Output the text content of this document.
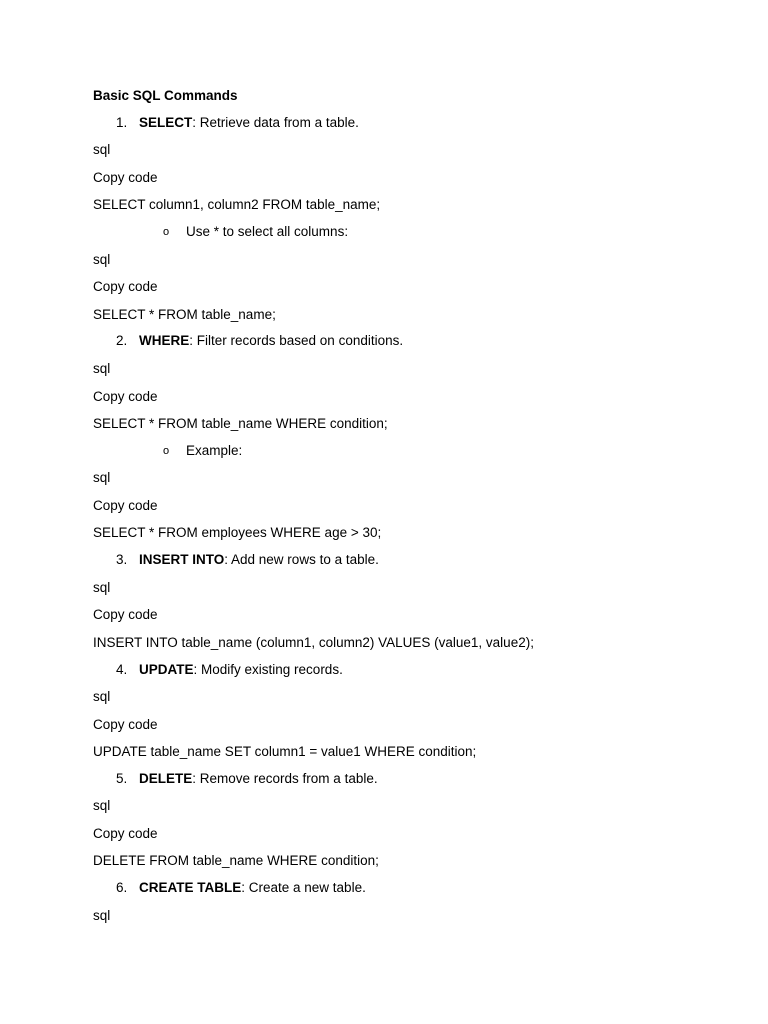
Basic SQL Commands
1. SELECT: Retrieve data from a table.
sql
Copy code
SELECT column1, column2 FROM table_name;
o Use * to select all columns:
sql
Copy code
SELECT * FROM table_name;
2. WHERE: Filter records based on conditions.
sql
Copy code
SELECT * FROM table_name WHERE condition;
o Example:
sql
Copy code
SELECT * FROM employees WHERE age > 30;
3. INSERT INTO: Add new rows to a table.
sql
Copy code
INSERT INTO table_name (column1, column2) VALUES (value1, value2);
4. UPDATE: Modify existing records.
sql
Copy code
UPDATE table_name SET column1 = value1 WHERE condition;
5. DELETE: Remove records from a table.
sql
Copy code
DELETE FROM table_name WHERE condition;
6. CREATE TABLE: Create a new table.
sql
